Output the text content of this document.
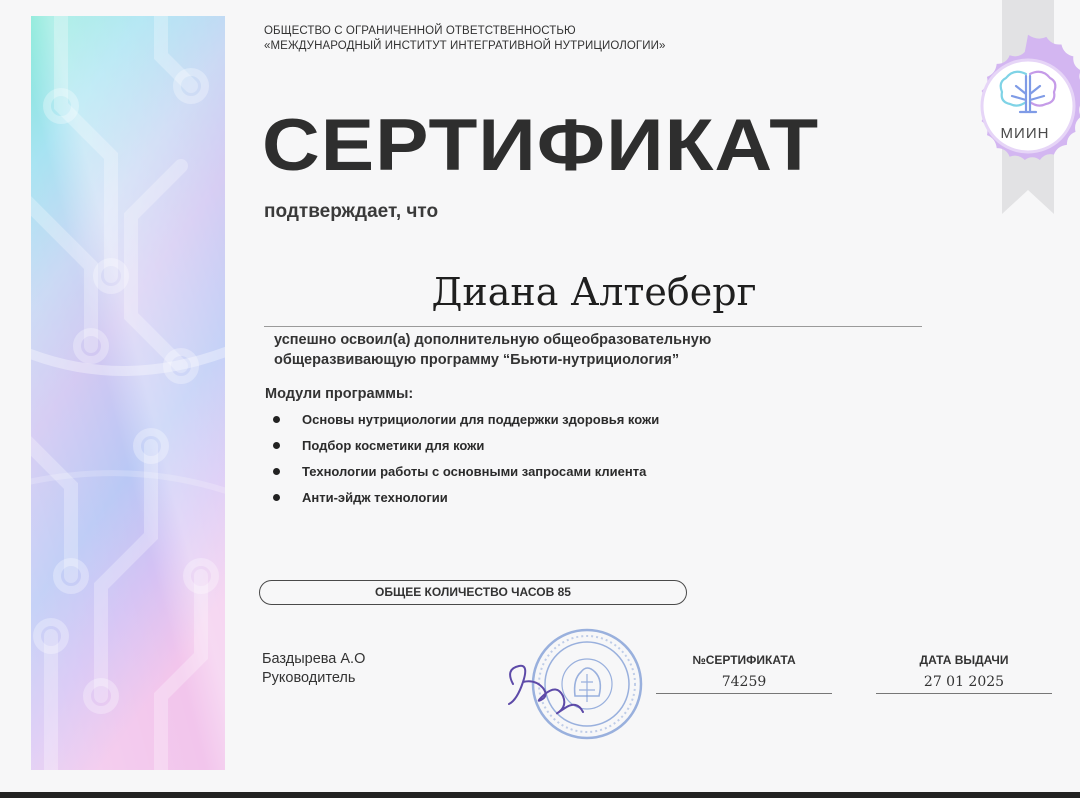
ОБЩЕСТВО С ОГРАНИЧЕННОЙ ОТВЕТСТВЕННОСТЬЮ
«МЕЖДУНАРОДНЫЙ ИНСТИТУТ ИНТЕГРАТИВНОЙ НУТРИЦИОЛОГИИ»
СЕРТИФИКАТ
подтверждает, что
Диана Алтеберг
успешно освоил(а) дополнительную общеобразовательную
общеразвивающую программу “Бьюти-нутрициология”
Модули программы:
Основы нутрициологии для поддержки здоровья кожи
Подбор косметики для кожи
Технологии работы с основными запросами клиента
Анти-эйдж технологии
ОБЩЕЕ КОЛИЧЕСТВО ЧАСОВ 85
Баздырева А.О
Руководитель
№СЕРТИФИКАТА
74259
ДАТА ВЫДАЧИ
27 01 2025
МИИН
